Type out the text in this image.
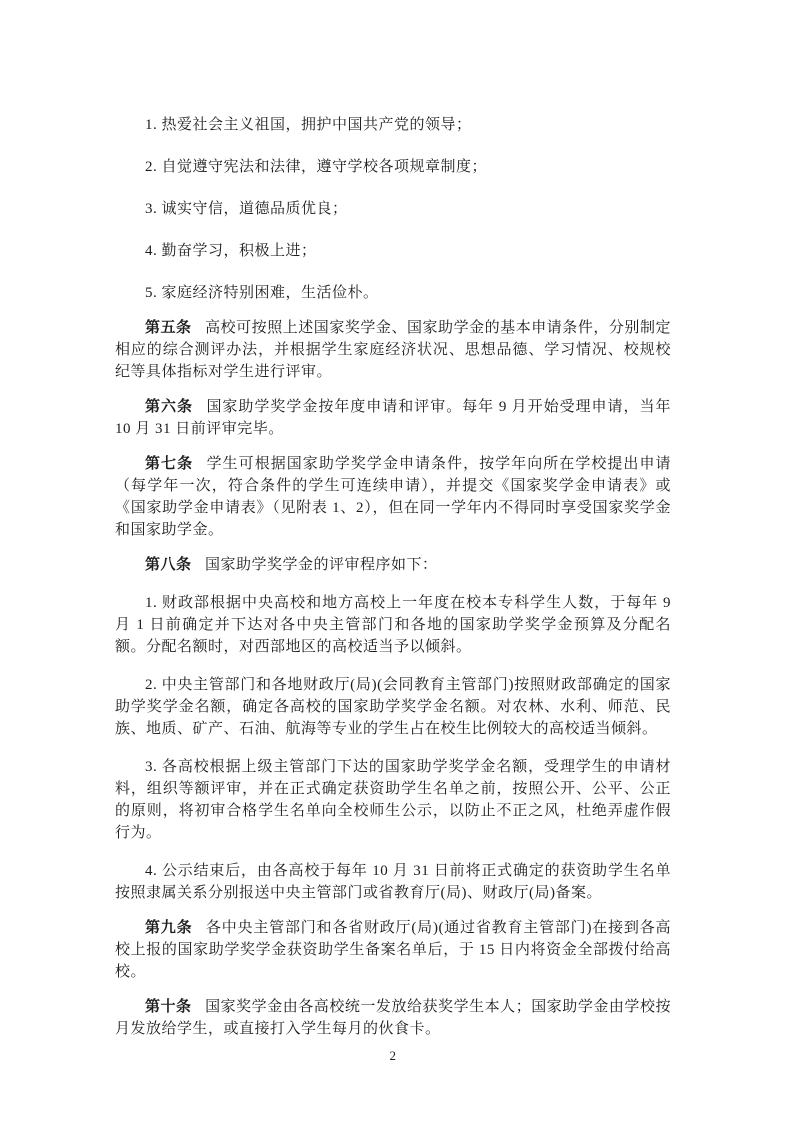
1. 热爱社会主义祖国，拥护中国共产党的领导；
2. 自觉遵守宪法和法律，遵守学校各项规章制度；
3. 诚实守信，道德品质优良；
4. 勤奋学习，积极上进；
5. 家庭经济特别困难，生活俭朴。
第五条 高校可按照上述国家奖学金、国家助学金的基本申请条件，分别制定相应的综合测评办法，并根据学生家庭经济状况、思想品德、学习情况、校规校纪等具体指标对学生进行评审。
第六条 国家助学奖学金按年度申请和评审。每年 9 月开始受理申请，当年 10 月 31 日前评审完毕。
第七条 学生可根据国家助学奖学金申请条件，按学年向所在学校提出申请（每学年一次，符合条件的学生可连续申请），并提交《国家奖学金申请表》或《国家助学金申请表》（见附表 1、2），但在同一学年内不得同时享受国家奖学金和国家助学金。
第八条 国家助学奖学金的评审程序如下：
1. 财政部根据中央高校和地方高校上一年度在校本专科学生人数，于每年 9 月 1 日前确定并下达对各中央主管部门和各地的国家助学奖学金预算及分配名额。分配名额时，对西部地区的高校适当予以倾斜。
2. 中央主管部门和各地财政厅(局)(会同教育主管部门)按照财政部确定的国家助学奖学金名额，确定各高校的国家助学奖学金名额。对农林、水利、师范、民族、地质、矿产、石油、航海等专业的学生占在校生比例较大的高校适当倾斜。
3. 各高校根据上级主管部门下达的国家助学奖学金名额，受理学生的申请材料，组织等额评审，并在正式确定获资助学生名单之前，按照公开、公平、公正的原则，将初审合格学生名单向全校师生公示，以防止不正之风，杜绝弄虚作假行为。
4. 公示结束后，由各高校于每年 10 月 31 日前将正式确定的获资助学生名单按照隶属关系分别报送中央主管部门或省教育厅(局)、财政厅(局)备案。
第九条 各中央主管部门和各省财政厅(局)(通过省教育主管部门)在接到各高校上报的国家助学奖学金获资助学生备案名单后，于 15 日内将资金全部拨付给高校。
第十条 国家奖学金由各高校统一发放给获奖学生本人；国家助学金由学校按月发放给学生，或直接打入学生每月的伙食卡。
2
